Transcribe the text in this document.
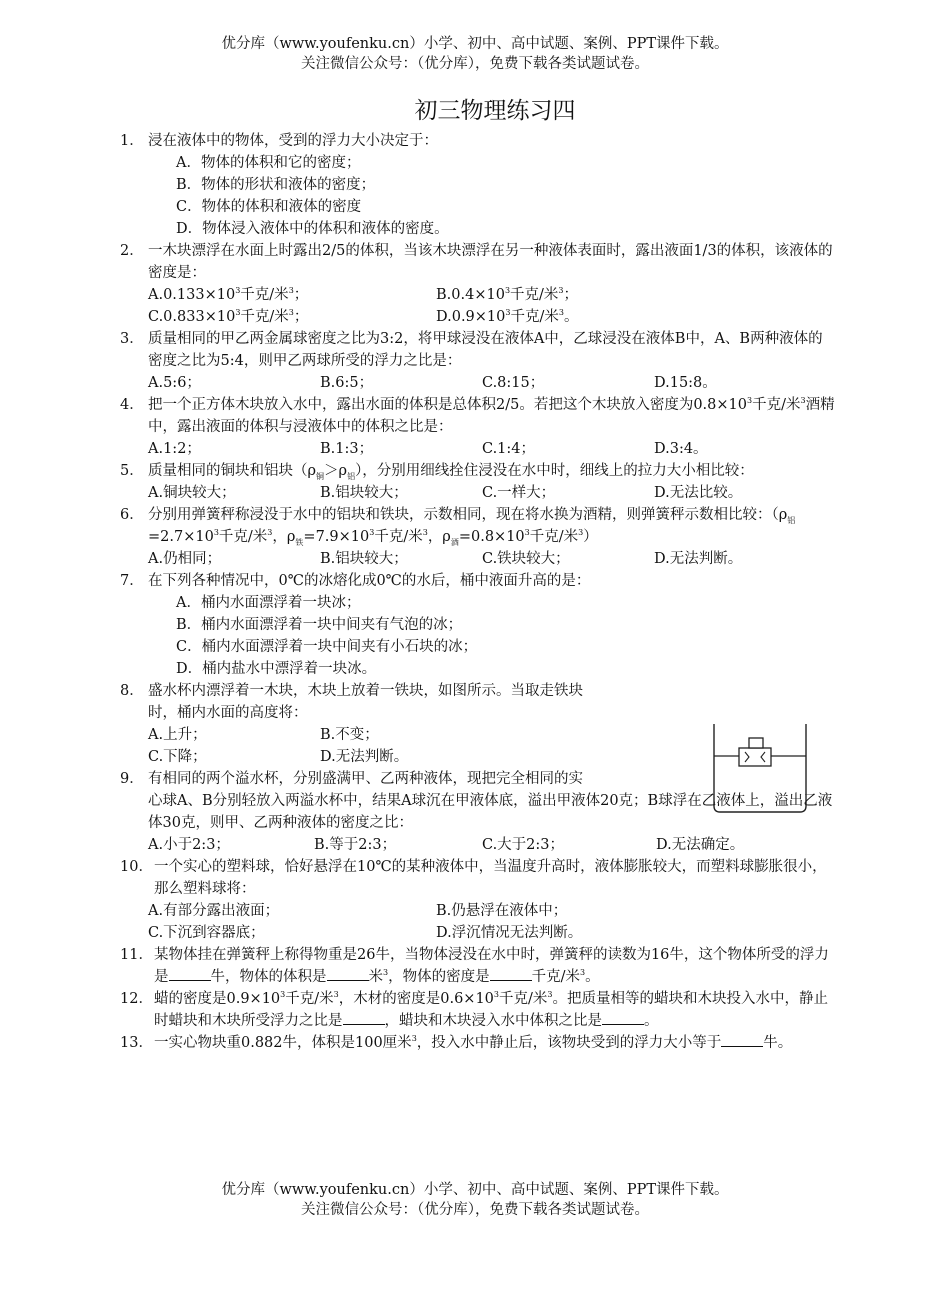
优分库（www.youfenku.cn）小学、初中、高中试题、案例、PPT课件下载。
关注微信公众号：（优分库），免费下载各类试题试卷。
初三物理练习四
1． 浸在液体中的物体，受到的浮力大小决定于：
A．物体的体积和它的密度；
B．物体的形状和液体的密度；
C．物体的体积和液体的密度
D．物体浸入液体中的体积和液体的密度。
2． 一木块漂浮在水面上时露出2/5的体积，当该木块漂浮在另一种液体表面时，露出液面1/3的体积，该液体的密度是：
$A.0.133\times 10^3$千克/米$^3$；	$B.0.4\times 10^3$千克/米$^3$；
$C.0.833\times 10^3$千克/米$^3$；	$D.0.9\times 10^3$千克/米$^3$。
3． 质量相同的甲乙两金属球密度之比为3:2，将甲球浸没在液体A中，乙球浸没在液体B中，A、B两种液体的密度之比为5:4，则甲乙两球所受的浮力之比是：
A.5:6；	B.6:5；	C.8:15；	D.15:8。
4． 把一个正方体木块放入水中，露出水面的体积是总体积2/5。若把这个木块放入密度为$0.8\times 10^3$千克/米$^3$酒精中，露出液面的体积与浸液体中的体积之比是：
A.1:2；	B.1:3；	C.1:4；	D.3:4。
5． 质量相同的铜块和铝块$(\rho_铜>\rho_铝)$，分别用细线拴住浸没在水中时，细线上的拉力大小相比较：
A.铜块较大；	B.铝块较大；	C.一样大；	D.无法比较。
6． 分别用弹簧秤称浸没于水中的铝块和铁块，示数相同，现在将水换为酒精，则弹簧秤示数相比较：（$\rho_铝=2.7\times 10^3$千克/米$^3$，$\rho_铁=7.9\times 10^3$千克/米$^3$，$\rho_酒=0.8\times 10^3$千克/米$^3$）
A.仍相同；	B.铝块较大；	C.铁块较大；	D.无法判断。
7． 在下列各种情况中，0℃的冰熔化成0℃的水后，桶中液面升高的是：
A．桶内水面漂浮着一块冰；
B．桶内水面漂浮着一块中间夹有气泡的冰；
C．桶内水面漂浮着一块中间夹有小石块的冰；
D．桶内盐水中漂浮着一块冰。
8． 盛水杯内漂浮着一木块，木块上放着一铁块，如图所示。当取走铁块
时，桶内水面的高度将：
A.上升；	B.不变；
C.下降；	D.无法判断。
9． 有相同的两个溢水杯，分别盛满甲、乙两种液体，现把完全相同的实
心球A、B分别轻放入两溢水杯中，结果A球沉在甲液体底，溢出甲液体20克；B球浮在乙液体上，溢出乙液体30克，则甲、乙两种液体的密度之比：
A.小于2:3；	B.等于2:3；	C.大于2:3；	D.无法确定。
10． 一个实心的塑料球，恰好悬浮在10℃的某种液体中，当温度升高时，液体膨胀较大，而塑料球膨胀很小，那么塑料球将：
A.有部分露出液面；	B.仍悬浮在液体中；
C.下沉到容器底；	D.浮沉情况无法判断。
11． 某物体挂在弹簧秤上称得物重是26牛，当物体浸没在水中时，弹簧秤的读数为16牛，这个物体所受的浮力是	牛，物体的体积是	米$^3$，物体的密度是	千克/米$^3$。
12． 蜡的密度是$0.9\times 10^3$千克/米$^3$，木材的密度是$0.6\times 10^3$千克/米$^3$。把质量相等的蜡块和木块投入水中，静止时蜡块和木块所受浮力之比是	，蜡块和木块浸入水中体积之比是	。
13． 一实心物块重0.882牛，体积是100厘米$^3$，投入水中静止后，该物块受到的浮力大小等于	牛。
优分库（www.youfenku.cn）小学、初中、高中试题、案例、PPT课件下载。
关注微信公众号：（优分库），免费下载各类试题试卷。
